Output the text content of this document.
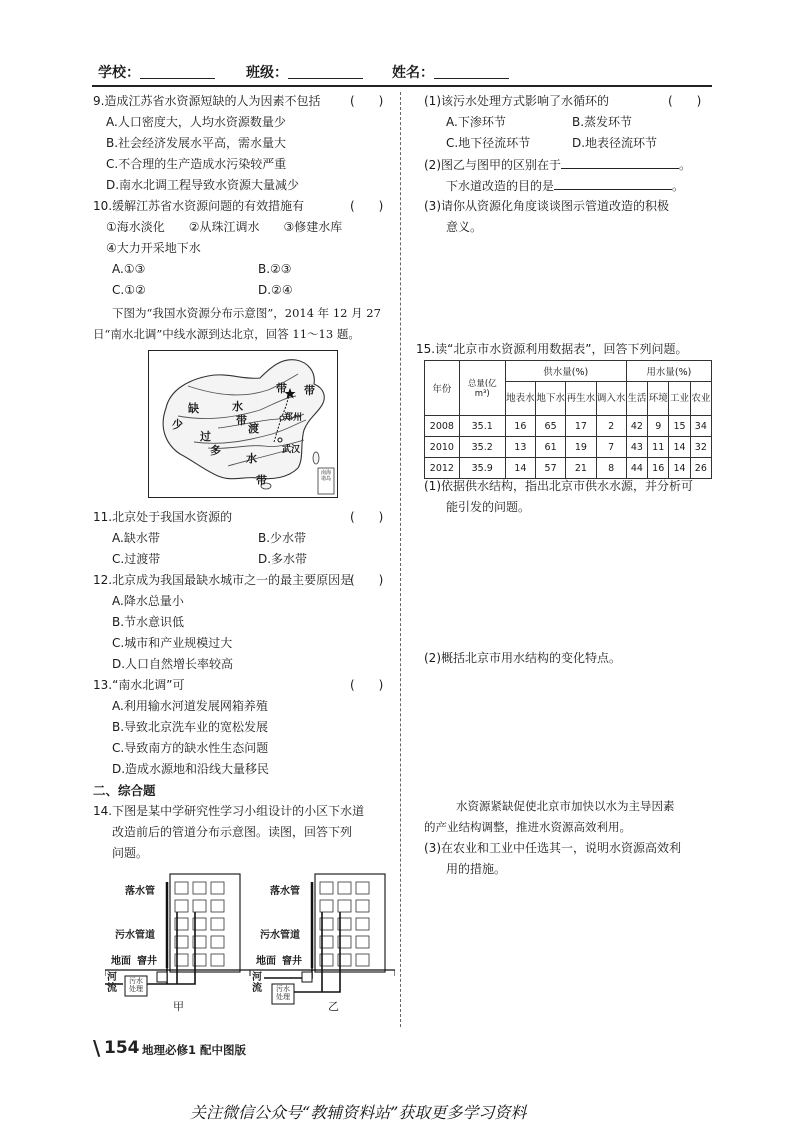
学校：	班级：	姓名：
9.造成江苏省水资源短缺的人为因素不包括 (　　)
A.人口密度大，人均水资源数量少
B.社会经济发展水平高，需水量大
C.不合理的生产造成水污染较严重
D.南水北调工程导致水资源大量减少
10.缓解江苏省水资源问题的有效措施有	(　　)
①海水淡化　　②从珠江调水　　③修建水库
④大力开采地下水
A.①③	B.②③
C.①②	D.②④
下图为“我国水资源分布示意图”，2014 年 12 月 27
日“南水北调”中线水源到达北京，回答 11～13 题。
缺	水
带
少
过
渡
多
水
带 带
带
郑州
武汉
南海诸岛
11.北京处于我国水资源的	(　　)
A.缺水带	B.少水带
C.过渡带	D.多水带
12.北京成为我国最缺水城市之一的最主要原因是
(　　)
A.降水总量小
B.节水意识低
C.城市和产业规模过大
D.人口自然增长率较高
13.“南水北调”可	(　　)
A.利用输水河道发展网箱养殖
B.导致北京洗车业的宽松发展
C.导致南方的缺水性生态问题
D.造成水源地和沿线大量移民
二、综合题
14.下图是某中学研究性学习小组设计的小区下水道
改造前后的管道分布示意图。读图，回答下列
问题。
落水管
污水管道
地面 窨井
河流
污水处理
甲
落水管
污水管道
地面 窨井
河流 污水处理
乙
(1)该污水处理方式影响了水循环的	(　　)
A.下渗环节	B.蒸发环节
C.地下径流环节	D.地表径流环节
(2)图乙与图甲的区别在于	。
下水道改造的目的是	。
(3)请你从资源化角度谈谈图示管道改造的积极
意义。
15.读“北京市水资源利用数据表”，回答下列问题。
年份	总量(亿 m³)	供水量(%)				用水量(%)			
		地表水	地下水	再生水	调入水	生活	环境	工业	农业
2008	35.1	16	65	17	2	42	9	15	34
2010	35.2	13	61	19	7	43	11	14	32
2012	35.9	14	57	21	8	44	16	14	26
(1)依据供水结构，指出北京市供水水源，并分析可
能引发的问题。
(2)概括北京市用水结构的变化特点。
水资源紧缺促使北京市加快以水为主导因素
的产业结构调整，推进水资源高效利用。
(3)在农业和工业中任选其一，说明水资源高效利
用的措施。
\ 154 地理必修1 配中图版
关注微信公众号“教辅资料站”获取更多学习资料
